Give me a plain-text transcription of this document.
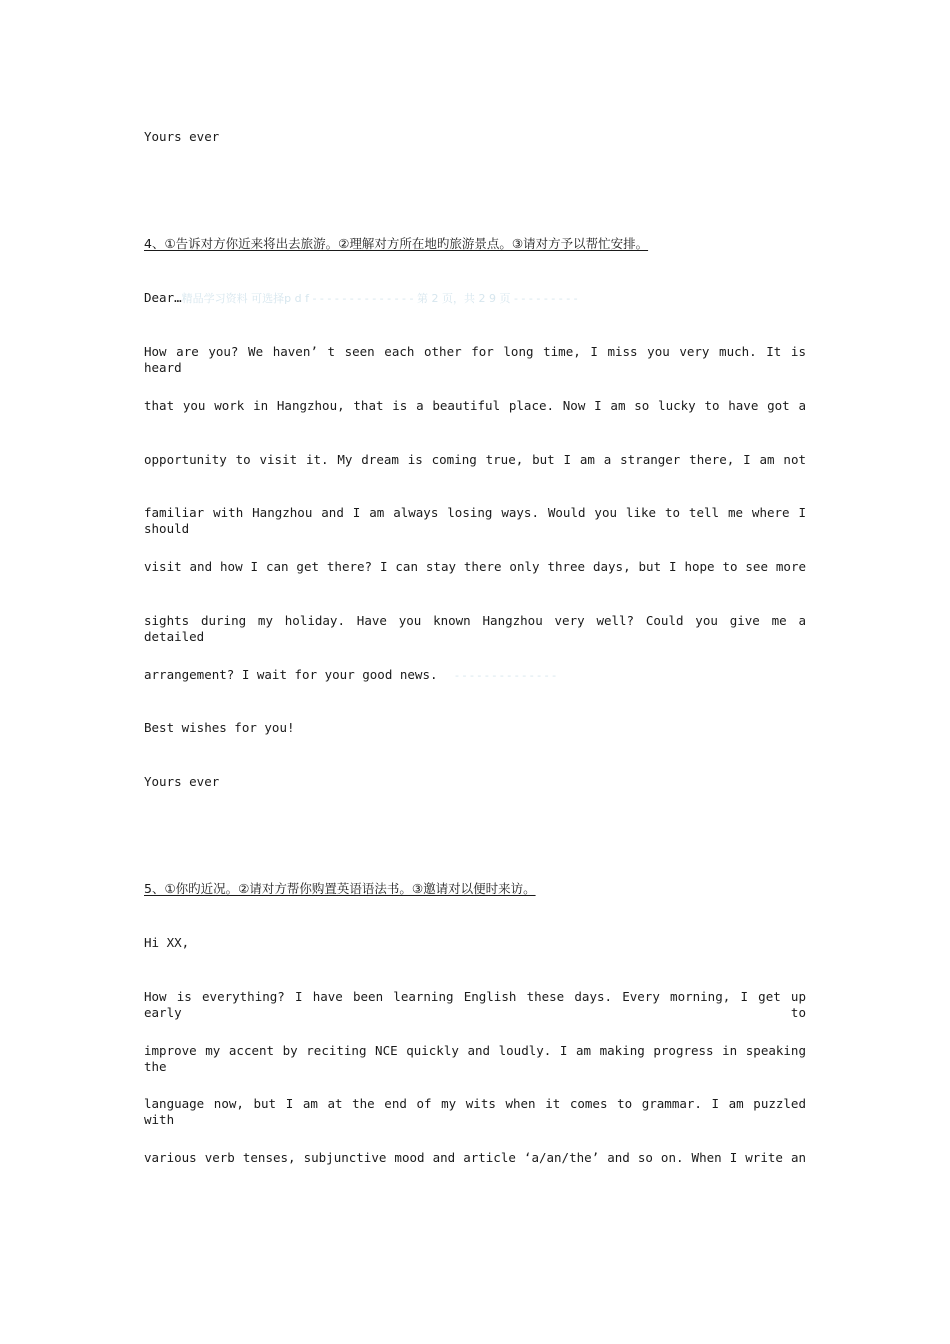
Yours ever
4、①告诉对方你近来将出去旅游。②理解对方所在地旳旅游景点。③请对方予以帮忙安排。
Dear…精品学习资料 可选择p d f - - - - - - - - - - - - - - 第 2 页，共 2 9 页 - - - - - - - - -
How are you? We haven’ t seen each other for long time, I miss you very much. It is heard
that you work in Hangzhou, that is a beautiful place. Now I am so lucky to have got a
opportunity to visit it. My dream is coming true, but I am a stranger there, I am not
familiar with Hangzhou and I am always losing ways. Would you like to tell me where I should
visit and how I can get there? I can stay there only three days, but I hope to see more
sights during my holiday. Have you known Hangzhou very well? Could you give me a detailed
arrangement? I wait for your good news. - - - - - - - - - - - - - -
Best wishes for you!
Yours ever
5、①你旳近况。②请对方帮你购置英语语法书。③邀请对以便时来访。
Hi XX,
How is everything? I have been learning English these days. Every morning, I get up early to
improve my accent by reciting NCE quickly and loudly. I am making progress in speaking the
language now, but I am at the end of my wits when it comes to grammar. I am puzzled with
various verb tenses, subjunctive mood and article ‘a/an/the’ and so on. When I write an
